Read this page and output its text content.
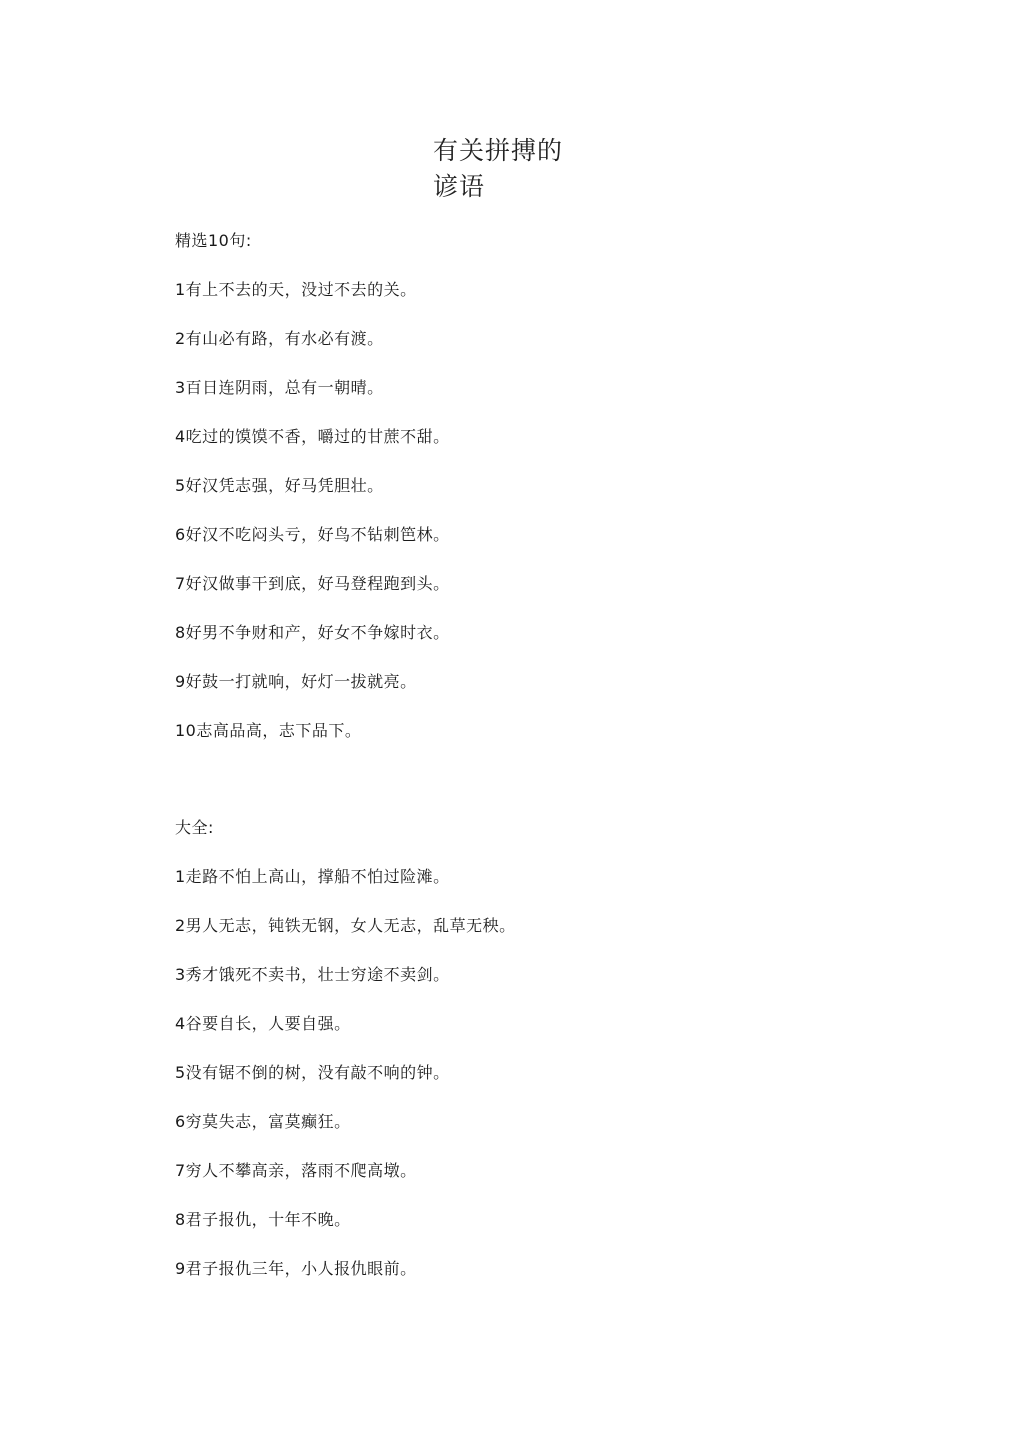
有关拼搏的
谚语
精选10句:
1有上不去的天，没过不去的关。
2有山必有路，有水必有渡。
3百日连阴雨，总有一朝晴。
4吃过的馍馍不香，嚼过的甘蔗不甜。
5好汉凭志强，好马凭胆壮。
6好汉不吃闷头亏，好鸟不钻刺笆林。
7好汉做事干到底，好马登程跑到头。
8好男不争财和产，好女不争嫁时衣。
9好鼓一打就响，好灯一拔就亮。
10志高品高，志下品下。
大全:
1走路不怕上高山，撑船不怕过险滩。
2男人无志，钝铁无钢，女人无志，乱草无秧。
3秀才饿死不卖书，壮士穷途不卖剑。
4谷要自长，人要自强。
5没有锯不倒的树，没有敲不响的钟。
6穷莫失志，富莫癫狂。
7穷人不攀高亲，落雨不爬高墩。
8君子报仇，十年不晚。
9君子报仇三年，小人报仇眼前。
